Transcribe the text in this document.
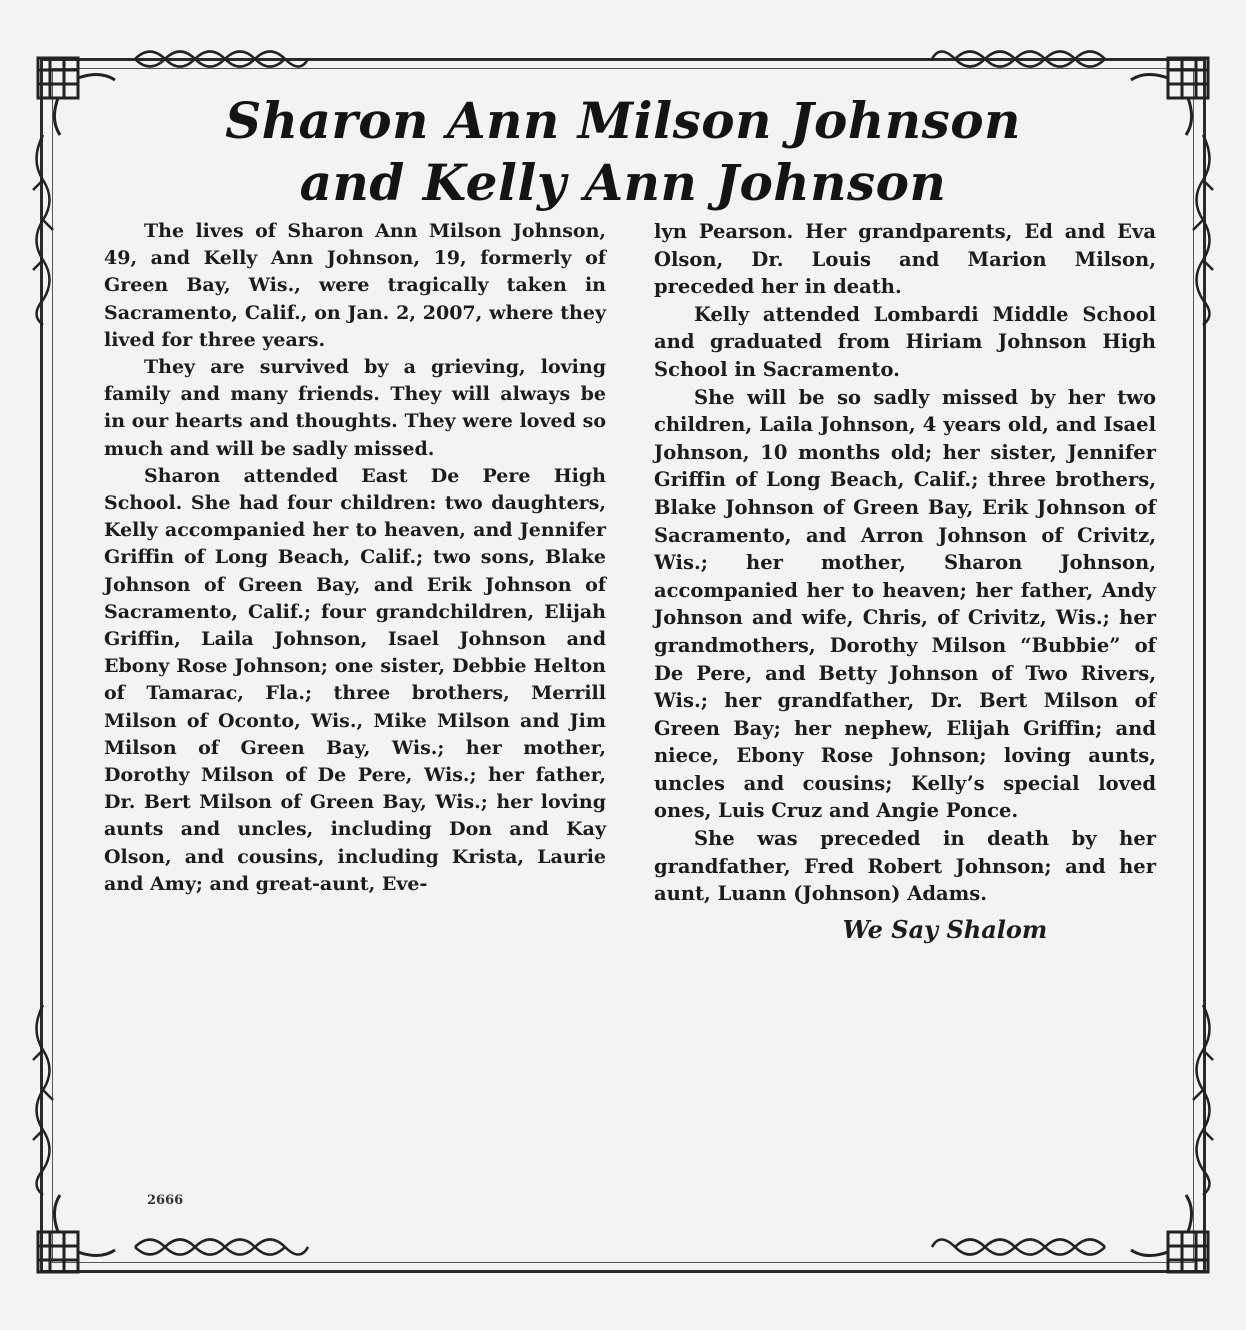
Sharon Ann Milson Johnson
and Kelly Ann Johnson

The lives of Sharon Ann Milson Johnson, 49, and Kelly Ann Johnson, 19, formerly of Green Bay, Wis., were tragically taken in Sacramento, Calif., on Jan. 2, 2007, where they lived for three years.

They are survived by a grieving, loving family and many friends. They will always be in our hearts and thoughts. They were loved so much and will be sadly missed.

Sharon attended East De Pere High School. She had four children: two daughters, Kelly accompanied her to heaven, and Jennifer Griffin of Long Beach, Calif.; two sons, Blake Johnson of Green Bay, and Erik Johnson of Sacramento, Calif.; four grandchildren, Elijah Griffin, Laila Johnson, Isael Johnson and Ebony Rose Johnson; one sister, Debbie Helton of Tamarac, Fla.; three brothers, Merrill Milson of Oconto, Wis., Mike Milson and Jim Milson of Green Bay, Wis.; her mother, Dorothy Milson of De Pere, Wis.; her father, Dr. Bert Milson of Green Bay, Wis.; her loving aunts and uncles, including Don and Kay Olson, and cousins, including Krista, Laurie and Amy; and great-aunt, Eve-

lyn Pearson. Her grandparents, Ed and Eva Olson, Dr. Louis and Marion Milson, preceded her in death.

Kelly attended Lombardi Middle School and graduated from Hiriam Johnson High School in Sacramento.

She will be so sadly missed by her two children, Laila Johnson, 4 years old, and Isael Johnson, 10 months old; her sister, Jennifer Griffin of Long Beach, Calif.; three brothers, Blake Johnson of Green Bay, Erik Johnson of Sacramento, and Arron Johnson of Crivitz, Wis.; her mother, Sharon Johnson, accompanied her to heaven; her father, Andy Johnson and wife, Chris, of Crivitz, Wis.; her grandmothers, Dorothy Milson “Bubbie” of De Pere, and Betty Johnson of Two Rivers, Wis.; her grandfather, Dr. Bert Milson of Green Bay; her nephew, Elijah Griffin; and niece, Ebony Rose Johnson; loving aunts, uncles and cousins; Kelly’s special loved ones, Luis Cruz and Angie Ponce.

She was preceded in death by her grandfather, Fred Robert Johnson; and her aunt, Luann (Johnson) Adams.

We Say Shalom

2666
